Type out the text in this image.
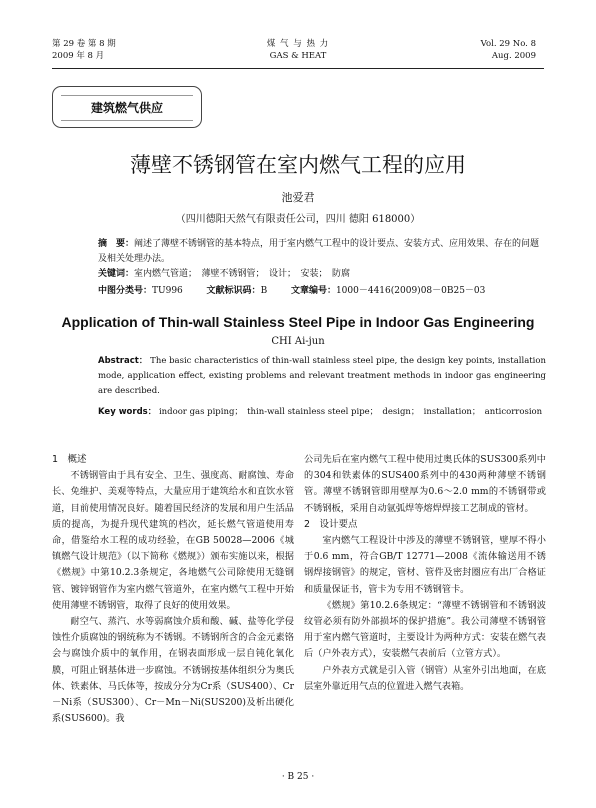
第 29 卷 第 8 期
2009 年 8 月
煤 气 与 热 力
GAS & HEAT
Vol. 29 No. 8
Aug. 2009
建筑燃气供应
薄壁不锈钢管在室内燃气工程的应用
池爱君
（四川德阳天然气有限责任公司，四川 德阳 618000）
摘　要：阐述了薄壁不锈钢管的基本特点，用于室内燃气工程中的设计要点、安装方式、应用效果、存在的问题及相关处理办法。
关键词：室内燃气管道；　薄壁不锈钢管；　设计；　安装；　防腐
中图分类号：TU996	文献标识码：B	文章编号：1000－4416(2009)08－0B25－03
Application of Thin-wall Stainless Steel Pipe in Indoor Gas Engineering
CHI Ai-jun
Abstract： The basic characteristics of thin-wall stainless steel pipe, the design key points, installation mode, application effect, existing problems and relevant treatment methods in indoor gas engineering are described.
Key words： indoor gas piping；　thin-wall stainless steel pipe；　design；　installation；　anticorrosion
1　概述

不锈钢管由于具有安全、卫生、强度高、耐腐蚀、寿命长、免维护、美观等特点，大量应用于建筑给水和直饮水管道，目前使用情况良好。随着国民经济的发展和用户生活品质的提高，为提升现代建筑的档次，延长燃气管道使用寿命，借鉴给水工程的成功经验，在GB 50028—2006《城镇燃气设计规范》（以下简称《燃规》）颁布实施以来，根据《燃规》中第10.2.3条规定，各地燃气公司除使用无缝钢管、镀锌钢管作为室内燃气管道外，在室内燃气工程中开始使用薄壁不锈钢管，取得了良好的使用效果。

耐空气、蒸汽、水等弱腐蚀介质和酸、碱、盐等化学侵蚀性介质腐蚀的钢统称为不锈钢。不锈钢所含的合金元素铬会与腐蚀介质中的氧作用，在钢表面形成一层自钝化氧化膜，可阻止钢基体进一步腐蚀。不锈钢按基体组织分为奥氏体、铁素体、马氏体等，按成分分为Cr系（SUS400）、Cr－Ni系（SUS300）、Cr－Mn－Ni(SUS200)及析出硬化系(SUS600)。我

公司先后在室内燃气工程中使用过奥氏体的SUS300系列中的304和铁素体的SUS400系列中的430两种薄壁不锈钢管。薄壁不锈钢管即用壁厚为0.6～2.0 mm的不锈钢带或不锈钢板，采用自动氩弧焊等熔焊焊接工艺制成的管材。

2　设计要点

室内燃气工程设计中涉及的薄壁不锈钢管，壁厚不得小于0.6 mm，符合GB/T 12771—2008《流体输送用不锈钢焊接钢管》的规定，管材、管件及密封圈应有出厂合格证和质量保证书，管卡为专用不锈钢管卡。

《燃规》第10.2.6条规定：“薄壁不锈钢管和不锈钢波纹管必须有防外部损坏的保护措施”。我公司薄壁不锈钢管用于室内燃气管道时，主要设计为两种方式：安装在燃气表后（户外表方式），安装燃气表前后（立管方式）。

户外表方式就是引入管（钢管）从室外引出地面，在底层室外靠近用气点的位置进入燃气表箱。

· B 25 ·
